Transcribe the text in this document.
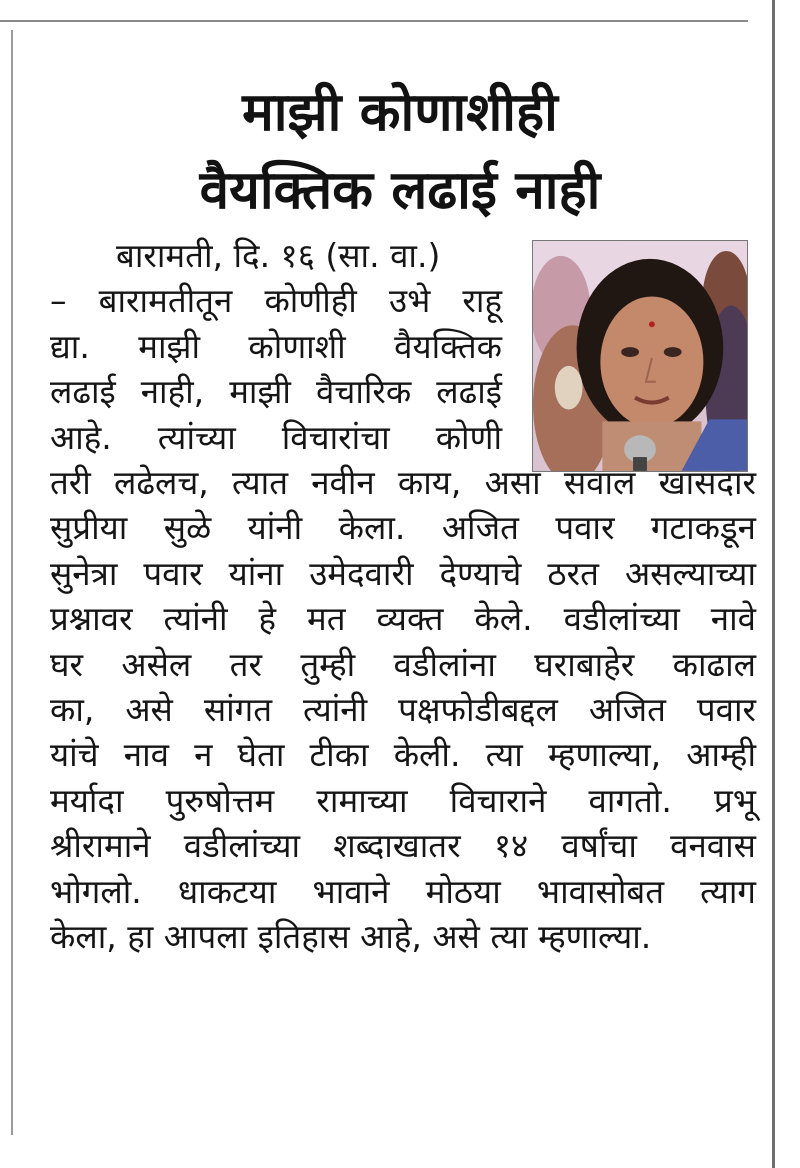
माझी कोणाशीही
वैयक्तिक लढाई नाही
बारामती, दि. १६ (सा. वा.)
– बारामतीतून कोणीही उभे राहू
द्या. माझी कोणाशी वैयक्तिक
लढाई नाही, माझी वैचारिक लढाई
आहे. त्यांच्या विचारांचा कोणी
तरी लढेलच, त्यात नवीन काय, असा सवाल खासदार
सुप्रीया सुळे यांनी केला. अजित पवार गटाकडून
सुनेत्रा पवार यांना उमेदवारी देण्याचे ठरत असल्याच्या
प्रश्नावर त्यांनी हे मत व्यक्त केले. वडीलांच्या नावे
घर असेल तर तुम्ही वडीलांना घराबाहेर काढाल
का, असे सांगत त्यांनी पक्षफोडीबद्दल अजित पवार
यांचे नाव न घेता टीका केली. त्या म्हणाल्या, आम्ही
मर्यादा पुरुषोत्तम रामाच्या विचाराने वागतो. प्रभू
श्रीरामाने वडीलांच्या शब्दाखातर १४ वर्षांचा वनवास
भोगलो. धाकटया भावाने मोठया भावासोबत त्याग
केला, हा आपला इतिहास आहे, असे त्या म्हणाल्या.
